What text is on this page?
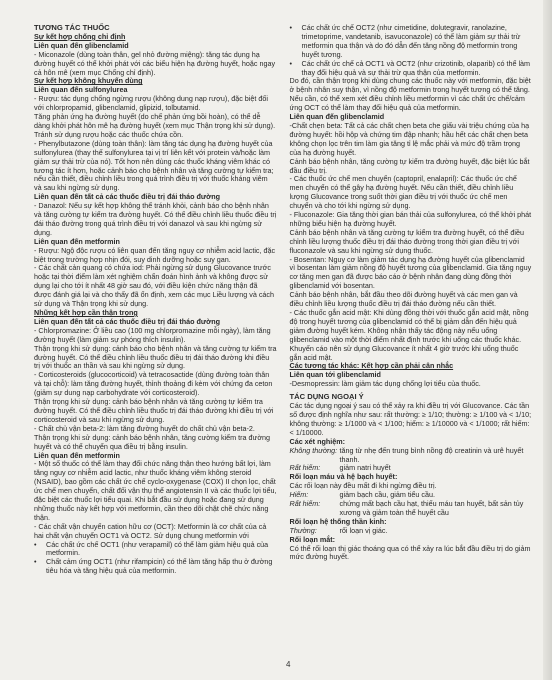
TƯƠNG TÁC THUỐC

Sự kết hợp chống chỉ định

Liên quan đến glibenclamid

- Miconazole (dùng toàn thân, gel nhỏ đường miệng): tăng tác dụng hạ đường huyết có thể khởi phát với các biểu hiện hạ đường huyết, hoặc ngay cả hôn mê (xem mục Chống chỉ định).

Sự kết hợp không khuyến dùng

Liên quan đến sulfonylurea

- Rượu: tác dụng chống ngừng rượu (không dung nạp rượu), đặc biệt đối với chlorpropamid, glibenclamid, glipizid, tolbutamid.

Tăng phản ứng hạ đường huyết (do chế phản ứng bồi hoàn), có thể dễ dàng khởi phát hôn mê hạ đường huyết (xem mục Thận trọng khi sử dụng).

Tránh sử dụng rượu hoặc các thuốc chứa cồn.

- Phenylbutazone (dùng toàn thân): làm tăng tác dụng hạ đường huyết của sulfonylurea (thay thế sulfonylurea tại vị trí liên kết với protein và/hoặc làm giảm sự thải trừ của nó). Tốt hơn nên dùng các thuốc kháng viêm khác có tương tác ít hơn, hoặc cảnh báo cho bệnh nhân và tăng cường tự kiểm tra; nếu cần thiết, điều chỉnh liều trong quá trình điều trị với thuốc kháng viêm và sau khi ngừng sử dụng.

Liên quan đến tất cả các thuốc điều trị đái tháo đường

- Danazol: Nếu sự kết hợp không thể tránh khỏi, cảnh báo cho bệnh nhân và tăng cường tự kiểm tra đường huyết. Có thể điều chỉnh liều thuốc điều trị đái tháo đường trong quá trình điều trị với danazol và sau khi ngừng sử dụng.

Liên quan đến metformin

- Rượu: Ngộ độc rượu có liên quan đến tăng nguy cơ nhiễm acid lactic, đặc biệt trong trường hợp nhịn đói, suy dinh dưỡng hoặc suy gan.

- Các chất cản quang có chứa iod: Phải ngừng sử dụng Glucovance trước hoặc tại thời điểm làm xét nghiệm chẩn đoán hình ảnh và không được sử dụng lại cho tới ít nhất 48 giờ sau đó, với điều kiện chức năng thận đã được đánh giá lại và cho thấy đã ổn định, xem các mục Liều lượng và cách sử dụng và Thận trọng khi sử dụng.

Những kết hợp cần thận trọng

Liên quan đến tất cả các thuốc điều trị đái tháo đường

- Chlorpromazine: Ở liều cao (100 mg chlorpromazine mỗi ngày), làm tăng đường huyết (làm giảm sự phóng thích insulin).

Thận trọng khi sử dụng: cảnh báo cho bệnh nhân và tăng cường tự kiểm tra đường huyết. Có thể điều chỉnh liều thuốc điều trị đái tháo đường khi điều trị với thuốc an thần và sau khi ngừng sử dụng.

- Corticosteroids (glucocorticoid) và tetracosactide (dùng đường toàn thân và tại chỗ): làm tăng đường huyết, thỉnh thoảng đi kèm với chứng đa ceton (giảm sự dung nạp carbohydrate với corticosteroid).

Thận trọng khi sử dụng: cảnh báo bệnh nhân và tăng cường tự kiểm tra đường huyết. Có thể điều chỉnh liều thuốc trị đái tháo đường khi điều trị với corticosteroid và sau khi ngừng sử dụng.

- Chất chủ vận beta-2: làm tăng đường huyết do chất chủ vận beta-2.

Thận trọng khi sử dụng: cảnh báo bệnh nhân, tăng cường kiểm tra đường huyết và có thể chuyển qua điều trị bằng insulin.

Liên quan đến metformin

- Một số thuốc có thể làm thay đổi chức năng thận theo hướng bất lợi, làm tăng nguy cơ nhiễm acid lactic, như thuốc kháng viêm không steroid (NSAID), bao gồm các chất ức chế cyclo-oxygenase (COX) II chọn lọc, chất ức chế men chuyển, chất đối vận thụ thể angiotensin II và các thuốc lợi tiểu, đặc biệt các thuốc lợi tiểu quai. Khi bắt đầu sử dụng hoặc đang sử dụng những thuốc này kết hợp với metformin, cần theo dõi chặt chẽ chức năng thận.

- Các chất vận chuyển cation hữu cơ (OCT): Metformin là cơ chất của cả hai chất vận chuyển OCT1 và OCT2. Sử dụng chung metformin với

•	Các chất ức chế OCT1 (như verapamil) có thể làm giảm hiệu quả của metformin.
•	Chất cảm ứng OCT1 (như rifampicin) có thể làm tăng hấp thu ở đường tiêu hóa và tăng hiệu quả của metformin.
•	Các chất ức chế OCT2 (như cimetidine, dolutegravir, ranolazine, trimetoprime, vandetanib, isavuconazole) có thể làm giảm sự thải trừ metformin qua thận và do đó dẫn đến tăng nồng độ metformin trong huyết tương.
•	Các chất ức chế cả OCT1 và OCT2 (như crizotinib, olaparib) có thể làm thay đổi hiệu quả và sự thải trừ qua thận của metformin.

Do đó, cần thận trọng khi dùng chung các thuốc này với metformin, đặc biệt ở bệnh nhân suy thận, vì nồng độ metformin trong huyết tương có thể tăng. Nếu cần, có thể xem xét điều chỉnh liều metformin vì các chất ức chế/cảm ứng OCT có thể làm thay đổi hiệu quả của metformin.

Liên quan đến glibenclamid

-Chất chẹn beta: Tất cả các chất chẹn beta che giấu vài triệu chứng của hạ đường huyết: hồi hộp và chứng tim đập nhanh; hầu hết các chất chẹn beta không chọn lọc trên tim làm gia tăng tỉ lệ mắc phải và mức độ trầm trọng của hạ đường huyết.

Cảnh báo bệnh nhân, tăng cường tự kiểm tra đường huyết, đặc biệt lúc bắt đầu điều trị.

- Các thuốc ức chế men chuyển (captopril, enalapril): Các thuốc ức chế men chuyển có thể gây hạ đường huyết. Nếu cần thiết, điều chỉnh liều lượng Glucovance trong suốt thời gian điều trị với thuốc ức chế men chuyển và cho tới khi ngừng sử dụng.

- Fluconazole: Gia tăng thời gian bán thải của sulfonylurea, có thể khởi phát những biểu hiện hạ đường huyết.

Cảnh báo bệnh nhân và tăng cường tự kiểm tra đường huyết, có thể điều chỉnh liều lượng thuốc điều trị đái tháo đường trong thời gian điều trị với fluconazole và sau khi ngừng sử dụng thuốc.

- Bosentan: Nguy cơ làm giảm tác dụng hạ đường huyết của glibenclamid vì bosentan làm giảm nồng độ huyết tương của glibenclamid. Gia tăng nguy cơ tăng men gan đã được báo cáo ở bệnh nhân đang dùng đồng thời glibenclamid với bosentan.

Cảnh báo bệnh nhân, bắt đầu theo dõi đường huyết và các men gan và điều chỉnh liều lượng thuốc điều trị đái tháo đường nếu cần thiết.

- Các thuốc gắn acid mật: Khi dùng đồng thời với thuốc gắn acid mật, nồng độ trong huyết tương của glibenclamid có thể bị giảm dẫn đến hiệu quả giảm đường huyết kém. Không nhận thấy tác động này nếu uống glibenclamid vào một thời điểm nhất định trước khi uống các thuốc khác. Khuyến cáo nên sử dụng Glucovance ít nhất 4 giờ trước khi uống thuốc gắn acid mật.

Các tương tác khác: Kết hợp cần phải cân nhắc

Liên quan tới glibenclamid

-Desmopressin: làm giảm tác dụng chống lợi tiểu của thuốc.

TÁC DỤNG NGOẠI Ý

Các tác dụng ngoại ý sau có thể xảy ra khi điều trị với Glucovance. Các tần số được định nghĩa như sau: rất thường: ≥ 1/10; thường: ≥ 1/100 và < 1/10; không thường: ≥ 1/1000 và < 1/100; hiếm: ≥ 1/10000 và < 1/1000; rất hiếm: < 1/10000.

Các xét nghiệm:

Không thường: tăng từ nhẹ đến trung bình nồng độ creatinin và urê huyết thanh.
Rất hiếm:	giảm natri huyết

Rối loạn máu và hệ bạch huyết:

Các rối loạn này đều mất đi khi ngừng điều trị.

Hiếm:	giảm bạch cầu, giảm tiểu cầu.
Rất hiếm:	chứng mất bạch cầu hạt, thiếu máu tan huyết, bất sản tủy xương và giảm toàn thể huyết cầu

Rối loạn hệ thống thần kinh:

Thường:	rối loạn vị giác.

Rối loạn mắt:

Có thể rối loạn thị giác thoáng qua có thể xảy ra lúc bắt đầu điều trị do giảm mức đường huyết.

4
